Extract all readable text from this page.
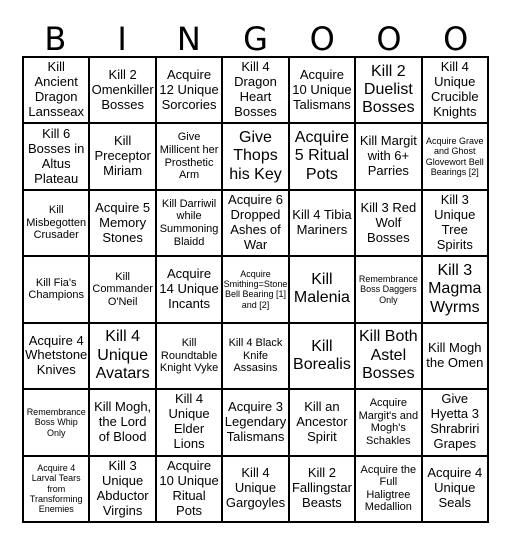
B	I	N	G	O	O	O
Kill Ancient Dragon Lansseax
Kill 2 Omenkiller Bosses
Acquire 12 Unique Sorcories
Kill 4 Dragon Heart Bosses
Acquire 10 Unique Talismans
Kill 2 Duelist Bosses
Kill 4 Unique Crucible Knights
Kill 6 Bosses in Altus Plateau
Kill Preceptor Miriam
Give Millicent her Prosthetic Arm
Give Thops his Key
Acquire 5 Ritual Pots
Kill Margit with 6+ Parries
Acquire Grave and Ghost Glovewort Bell Bearings [2]
Kill Misbegotten Crusader
Acquire 5 Memory Stones
Kill Darriwil while Summoning Blaidd
Acquire 6 Dropped Ashes of War
Kill 4 Tibia Mariners
Kill 3 Red Wolf Bosses
Kill 3 Unique Tree Spirits
Kill Fia's Champions
Kill Commander O'Neil
Acquire 14 Unique Incants
Acquire Smithing=Stone Bell Bearing [1] and [2]
Kill Malenia
Remembrance Boss Daggers Only
Kill 3 Magma Wyrms
Acquire 4 Whetstone Knives
Kill 4 Unique Avatars
Kill Roundtable Knight Vyke
Kill 4 Black Knife Assasins
Kill Borealis
Kill Both Astel Bosses
Kill Mogh the Omen
Remembrance Boss Whip Only
Kill Mogh, the Lord of Blood
Kill 4 Unique Elder Lions
Acquire 3 Legendary Talismans
Kill an Ancestor Spirit
Acquire Margit's and Mogh's Schakles
Give Hyetta 3 Shrabriri Grapes
Acquire 4 Larval Tears from Transforming Enemies
Kill 3 Unique Abductor Virgins
Acquire 10 Unique Ritual Pots
Kill 4 Unique Gargoyles
Kill 2 Fallingstar Beasts
Acquire the Full Haligtree Medallion
Acquire 4 Unique Seals
